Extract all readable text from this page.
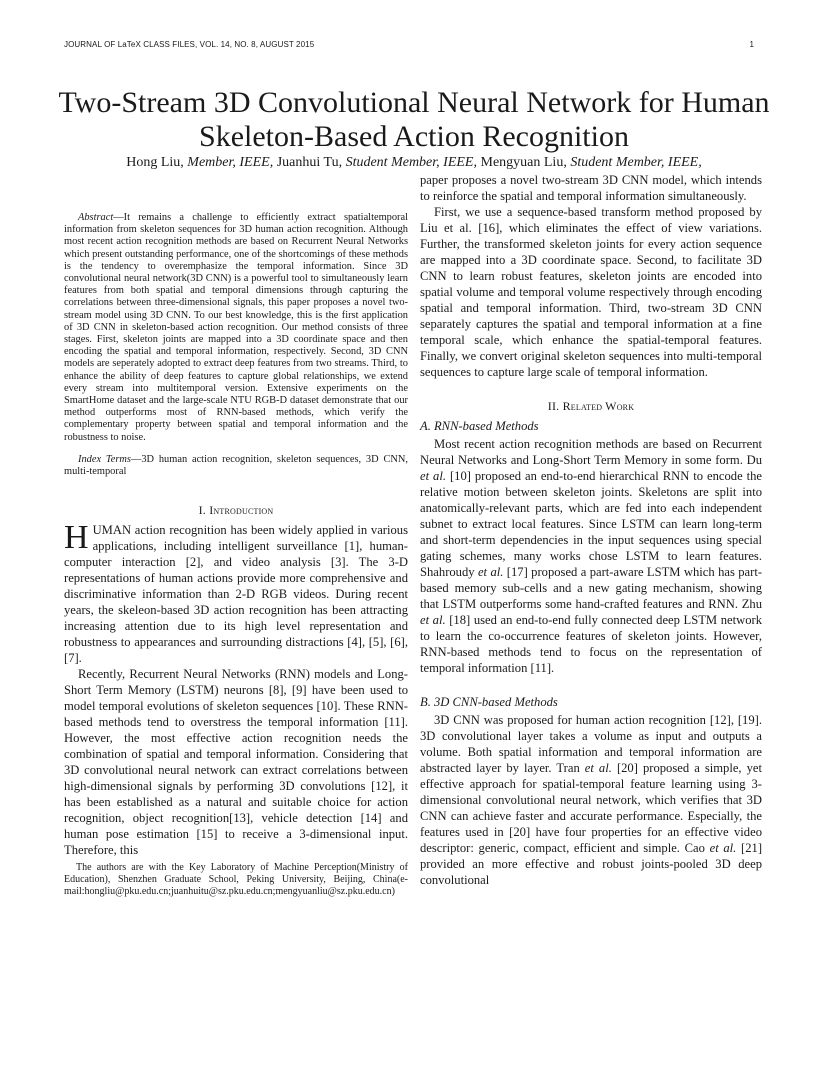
JOURNAL OF LaTeX CLASS FILES, VOL. 14, NO. 8, AUGUST 2015	1
Two-Stream 3D Convolutional Neural Network for Human Skeleton-Based Action Recognition
Hong Liu, Member, IEEE, Juanhui Tu, Student Member, IEEE, Mengyuan Liu, Student Member, IEEE,

Abstract—It remains a challenge to efficiently extract spatialtemporal information from skeleton sequences for 3D human action recognition. Although most recent action recognition methods are based on Recurrent Neural Networks which present outstanding performance, one of the shortcomings of these methods is the tendency to overemphasize the temporal information. Since 3D convolutional neural network(3D CNN) is a powerful tool to simultaneously learn features from both spatial and temporal dimensions through capturing the correlations between three-dimensional signals, this paper proposes a novel two-stream model using 3D CNN. To our best knowledge, this is the first application of 3D CNN in skeleton-based action recognition. Our method consists of three stages. First, skeleton joints are mapped into a 3D coordinate space and then encoding the spatial and temporal information, respectively. Second, 3D CNN models are seperately adopted to extract deep features from two streams. Third, to enhance the ability of deep features to capture global relationships, we extend every stream into multitemporal version. Extensive experiments on the SmartHome dataset and the large-scale NTU RGB-D dataset demonstrate that our method outperforms most of RNN-based methods, which verify the complementary property between spatial and temporal information and the robustness to noise.

Index Terms—3D human action recognition, skeleton sequences, 3D CNN, multi-temporal

I. Introduction

HUMAN action recognition has been widely applied in various applications, including intelligent surveillance [1], human-computer interaction [2], and video analysis [3]. The 3-D representations of human actions provide more comprehensive and discriminative information than 2-D RGB videos. During recent years, the skeleon-based 3D action recognition has been attracting increasing attention due to its high level representation and robustness to appearances and surrounding distractions [4], [5], [6], [7].

Recently, Recurrent Neural Networks (RNN) models and Long-Short Term Memory (LSTM) neurons [8], [9] have been used to model temporal evolutions of skeleton sequences [10]. These RNN-based methods tend to overstress the temporal information [11]. However, the most effective action recognition needs the combination of spatial and temporal information. Considering that 3D convolutional neural network can extract correlations between high-dimensional signals by performing 3D convolutions [12], it has been established as a natural and suitable choice for action recognition, object recognition[13], vehicle detection [14] and human pose estimation [15] to receive a 3-dimensional input. Therefore, this

The authors are with the Key Laboratory of Machine Perception(Ministry of Education), Shenzhen Graduate School, Peking University, Beijing, China(e-mail:hongliu@pku.edu.cn;juanhuitu@sz.pku.edu.cn;mengyuanliu@sz.pku.edu.cn)

paper proposes a novel two-stream 3D CNN model, which intends to reinforce the spatial and temporal information simultaneously.

First, we use a sequence-based transform method proposed by Liu et al. [16], which eliminates the effect of view variations. Further, the transformed skeleton joints for every action sequence are mapped into a 3D coordinate space. Second, to facilitate 3D CNN to learn robust features, skeleton joints are encoded into spatial volume and temporal volume respectively through encoding spatial and temporal information. Third, two-stream 3D CNN separately captures the spatial and temporal information at a fine temporal scale, which enhance the spatial-temporal features. Finally, we convert original skeleton sequences into multi-temporal sequences to capture large scale of temporal information.

II. Related Work
A. RNN-based Methods

Most recent action recognition methods are based on Recurrent Neural Networks and Long-Short Term Memory in some form. Du et al. [10] proposed an end-to-end hierarchical RNN to encode the relative motion between skeleton joints. Skeletons are split into anatomically-relevant parts, which are fed into each independent subnet to extract local features. Since LSTM can learn long-term and short-term dependencies in the input sequences using special gating schemes, many works chose LSTM to learn features. Shahroudy et al. [17] proposed a part-aware LSTM which has part-based memory sub-cells and a new gating mechanism, showing that LSTM outperforms some hand-crafted features and RNN. Zhu et al. [18] used an end-to-end fully connected deep LSTM network to learn the co-occurrence features of skeleton joints. However, RNN-based methods tend to focus on the representation of temporal information [11].

B. 3D CNN-based Methods

3D CNN was proposed for human action recognition [12], [19]. 3D convolutional layer takes a volume as input and outputs a volume. Both spatial information and temporal information are abstracted layer by layer. Tran et al. [20] proposed a simple, yet effective approach for spatial-temporal feature learning using 3-dimensional convolutional neural network, which verifies that 3D CNN can achieve faster and accurate performance. Especially, the features used in [20] have four properties for an effective video descriptor: generic, compact, efficient and simple. Cao et al. [21] provided an more effective and robust joints-pooled 3D deep convolutional
